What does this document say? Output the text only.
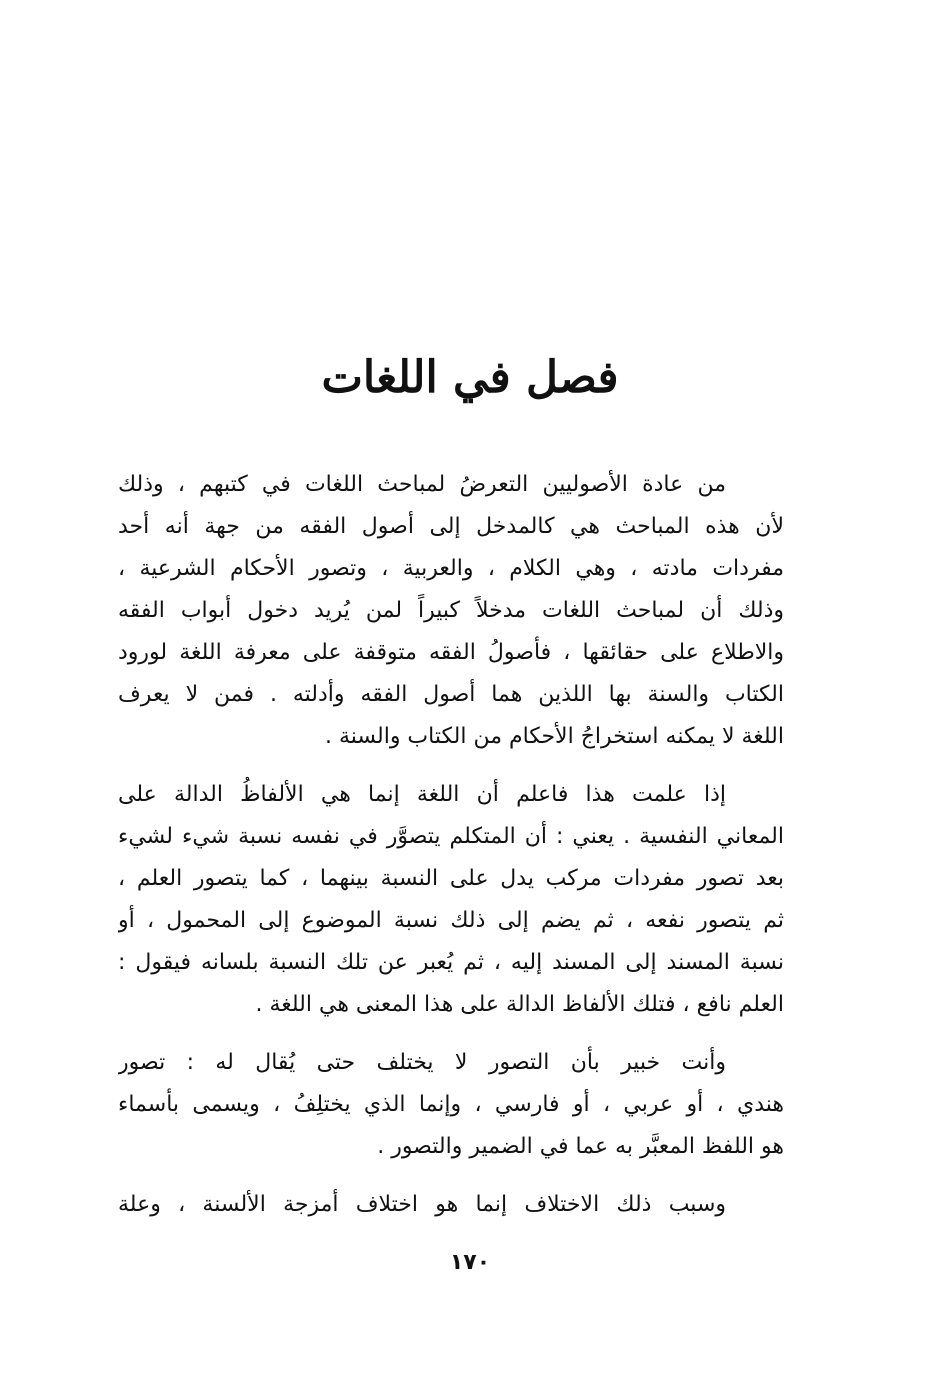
فصل في اللغات
من عادة الأصوليين التعرضُ لمباحث اللغات في كتبهم ، وذلك
لأن هذه المباحث هي كالمدخل إلى أصول الفقه من جهة أنه أحد
مفردات مادته ، وهي الكلام ، والعربية ، وتصور الأحكام الشرعية ،
وذلك أن لمباحث اللغات مدخلاً كبيراً لمن يُريد دخول أبواب الفقه
والاطلاع على حقائقها ، فأصولُ الفقه متوقفة على معرفة اللغة لورود
الكتاب والسنة بها اللذين هما أصول الفقه وأدلته . فمن لا يعرف
اللغة لا يمكنه استخراجُ الأحكام من الكتاب والسنة .
إذا علمت هذا فاعلم أن اللغة إنما هي الألفاظُ الدالة على
المعاني النفسية . يعني : أن المتكلم يتصوَّر في نفسه نسبة شيء لشيء
بعد تصور مفردات مركب يدل على النسبة بينهما ، كما يتصور العلم ،
ثم يتصور نفعه ، ثم يضم إلى ذلك نسبة الموضوع إلى المحمول ، أو
نسبة المسند إلى المسند إليه ، ثم يُعبر عن تلك النسبة بلسانه فيقول :
العلم نافع ، فتلك الألفاظ الدالة على هذا المعنى هي اللغة .
وأنت خبير بأن التصور لا يختلف حتى يُقال له : تصور
هندي ، أو عربي ، أو فارسي ، وإنما الذي يختلِفُ ، ويسمى بأسماء
هو اللفظ المعبَّر به عما في الضمير والتصور .
وسبب ذلك الاختلاف إنما هو اختلاف أمزجة الألسنة ، وعلة
١٧٠
